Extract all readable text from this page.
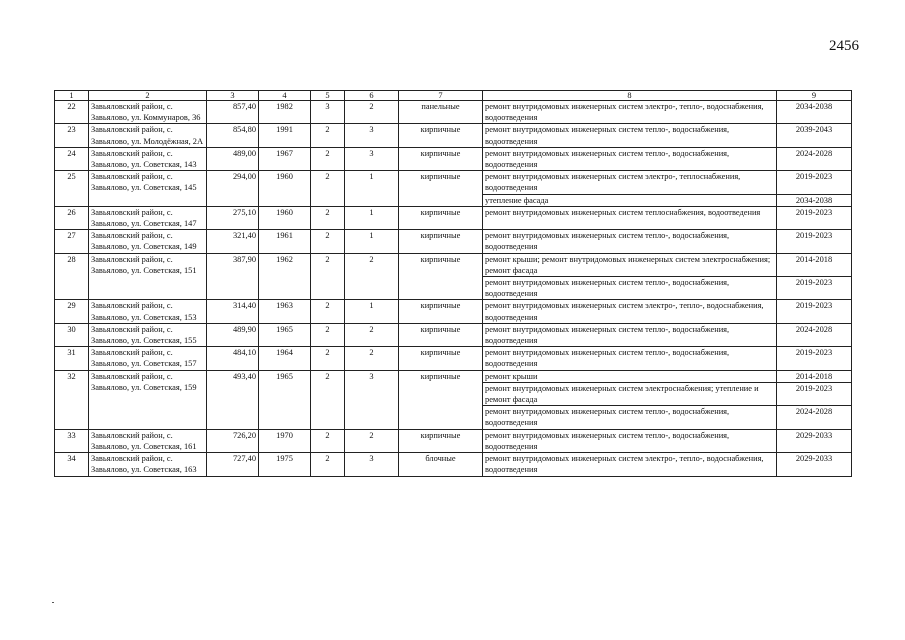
2456
1	2	3	4	5	6	7	8	9
22	Завьяловский район, с. Завьялово, ул. Коммунаров, 36	857,40	1982	3	2	панельные	ремонт внутридомовых инженерных систем электро-, тепло-, водоснабжения, водоотведения	2034-2038
23	Завьяловский район, с. Завьялово, ул. Молодёжная, 2А	854,80	1991	2	3	кирпичные	ремонт внутридомовых инженерных систем тепло-, водоснабжения, водоотведения	2039-2043
24	Завьяловский район, с. Завьялово, ул. Советская, 143	489,00	1967	2	3	кирпичные	ремонт внутридомовых инженерных систем тепло-, водоснабжения, водоотведения	2024-2028
25	Завьяловский район, с. Завьялово, ул. Советская, 145	294,00	1960	2	1	кирпичные	ремонт внутридомовых инженерных систем электро-, теплоснабжения, водоотведения	2019-2023
							утепление фасада	2034-2038
26	Завьяловский район, с. Завьялово, ул. Советская, 147	275,10	1960	2	1	кирпичные	ремонт внутридомовых инженерных систем теплоснабжения, водоотведения	2019-2023
27	Завьяловский район, с. Завьялово, ул. Советская, 149	321,40	1961	2	1	кирпичные	ремонт внутридомовых инженерных систем тепло-, водоснабжения, водоотведения	2019-2023
28	Завьяловский район, с. Завьялово, ул. Советская, 151	387,90	1962	2	2	кирпичные	ремонт крыши; ремонт внутридомовых инженерных систем электроснабжения; ремонт фасада	2014-2018
							ремонт внутридомовых инженерных систем тепло-, водоснабжения, водоотведения	2019-2023
29	Завьяловский район, с. Завьялово, ул. Советская, 153	314,40	1963	2	1	кирпичные	ремонт внутридомовых инженерных систем электро-, тепло-, водоснабжения, водоотведения	2019-2023
30	Завьяловский район, с. Завьялово, ул. Советская, 155	489,90	1965	2	2	кирпичные	ремонт внутридомовых инженерных систем тепло-, водоснабжения, водоотведения	2024-2028
31	Завьяловский район, с. Завьялово, ул. Советская, 157	484,10	1964	2	2	кирпичные	ремонт внутридомовых инженерных систем тепло-, водоснабжения, водоотведения	2019-2023
32	Завьяловский район, с. Завьялово, ул. Советская, 159	493,40	1965	2	3	кирпичные	ремонт крыши	2014-2018
							ремонт внутридомовых инженерных систем электроснабжения; утепление и ремонт фасада	2019-2023
							ремонт внутридомовых инженерных систем тепло-, водоснабжения, водоотведения	2024-2028
33	Завьяловский район, с. Завьялово, ул. Советская, 161	726,20	1970	2	2	кирпичные	ремонт внутридомовых инженерных систем тепло-, водоснабжения, водоотведения	2029-2033
34	Завьяловский район, с. Завьялово, ул. Советская, 163	727,40	1975	2	3	блочные	ремонт внутридомовых инженерных систем электро-, тепло-, водоснабжения, водоотведения	2029-2033
